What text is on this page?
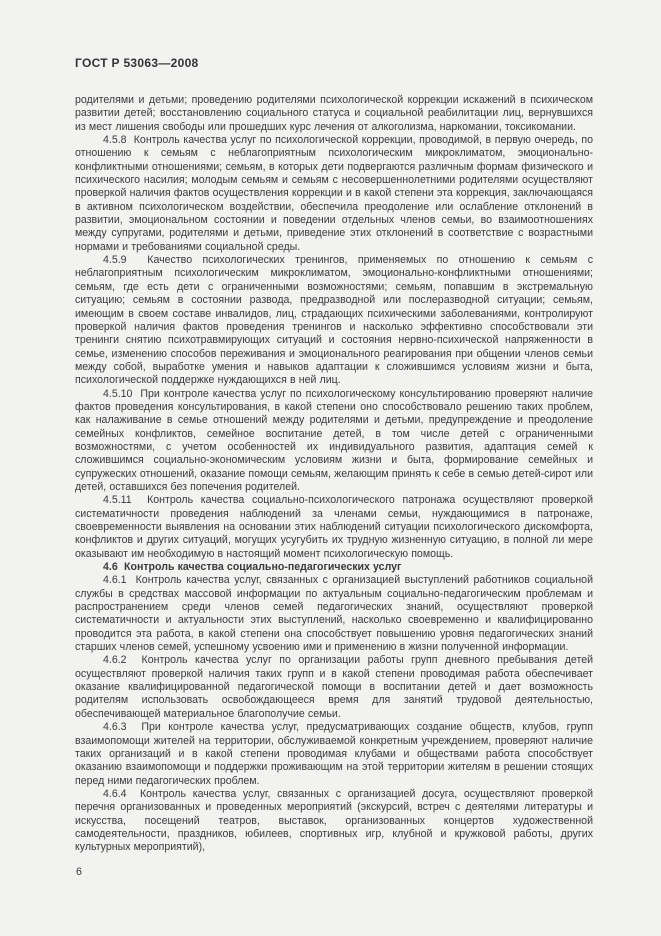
ГОСТ Р 53063—2008

родителями и детьми; проведению родителями психологической коррекции искажений в психическом развитии детей; восстановлению социального статуса и социальной реабилитации лиц, вернувшихся из мест лишения свободы или прошедших курс лечения от алкоголизма, наркомании, токсикомании.

4.5.8  Контроль качества услуг по психологической коррекции, проводимой, в первую очередь, по отношению к семьям с неблагоприятным психологическим микроклиматом, эмоционально-конфликтными отношениями; семьям, в которых дети подвергаются различным формам физического и психического насилия; молодым семьям и семьям с несовершеннолетними родителями осуществляют проверкой наличия фактов осуществления коррекции и в какой степени эта коррекция, заключающаяся в активном психологическом воздействии, обеспечила преодоление или ослабление отклонений в развитии, эмоциональном состоянии и поведении отдельных членов семьи, во взаимоотношениях между супругами, родителями и детьми, приведение этих отклонений в соответствие с возрастными нормами и требованиями социальной среды.

4.5.9  Качество психологических тренингов, применяемых по отношению к семьям с неблагоприятным психологическим микроклиматом, эмоционально-конфликтными отношениями; семьям, где есть дети с ограниченными возможностями; семьям, попавшим в экстремальную ситуацию; семьям в состоянии развода, предразводной или послеразводной ситуации; семьям, имеющим в своем составе инвалидов, лиц, страдающих психическими заболеваниями, контролируют проверкой наличия фактов проведения тренингов и насколько эффективно способствовали эти тренинги снятию психотравмирующих ситуаций и состояния нервно-психической напряженности в семье, изменению способов переживания и эмоционального реагирования при общении членов семьи между собой, выработке умения и навыков адаптации к сложившимся условиям жизни и быта, психологической поддержке нуждающихся в ней лиц.

4.5.10  При контроле качества услуг по психологическому консультированию проверяют наличие фактов проведения консультирования, в какой степени оно способствовало решению таких проблем, как налаживание в семье отношений между родителями и детьми, предупреждение и преодоление семейных конфликтов, семейное воспитание детей, в том числе детей с ограниченными возможностями, с учетом особенностей их индивидуального развития, адаптация семей к сложившимся социально-экономическим условиям жизни и быта, формирование семейных и супружеских отношений, оказание помощи семьям, желающим принять к себе в семью детей-сирот или детей, оставшихся без попечения родителей.

4.5.11  Контроль качества социально-психологического патронажа осуществляют проверкой систематичности проведения наблюдений за членами семьи, нуждающимися в патронаже, своевременности выявления на основании этих наблюдений ситуации психологического дискомфорта, конфликтов и других ситуаций, могущих усугубить их трудную жизненную ситуацию, в полной ли мере оказывают им необходимую в настоящий момент психологическую помощь.

4.6  Контроль качества социально-педагогических услуг

4.6.1  Контроль качества услуг, связанных с организацией выступлений работников социальной службы в средствах массовой информации по актуальным социально-педагогическим проблемам и распространением среди членов семей педагогических знаний, осуществляют проверкой систематичности и актуальности этих выступлений, насколько своевременно и квалифицированно проводится эта работа, в какой степени она способствует повышению уровня педагогических знаний старших членов семей, успешному усвоению ими и применению в жизни полученной информации.

4.6.2  Контроль качества услуг по организации работы групп дневного пребывания детей осуществляют проверкой наличия таких групп и в какой степени проводимая работа обеспечивает оказание квалифицированной педагогической помощи в воспитании детей и дает возможность родителям использовать освобождающееся время для занятий трудовой деятельностью, обеспечивающей материальное благополучие семьи.

4.6.3  При контроле качества услуг, предусматривающих создание обществ, клубов, групп взаимопомощи жителей на территории, обслуживаемой конкретным учреждением, проверяют наличие таких организаций и в какой степени проводимая клубами и обществами работа способствует оказанию взаимопомощи и поддержки проживающим на этой территории жителям в решении стоящих перед ними педагогических проблем.

4.6.4  Контроль качества услуг, связанных с организацией досуга, осуществляют проверкой перечня организованных и проведенных мероприятий (экскурсий, встреч с деятелями литературы и искусства, посещений театров, выставок, организованных концертов художественной самодеятельности, праздников, юбилеев, спортивных игр, клубной и кружковой работы, других культурных мероприятий),

6
